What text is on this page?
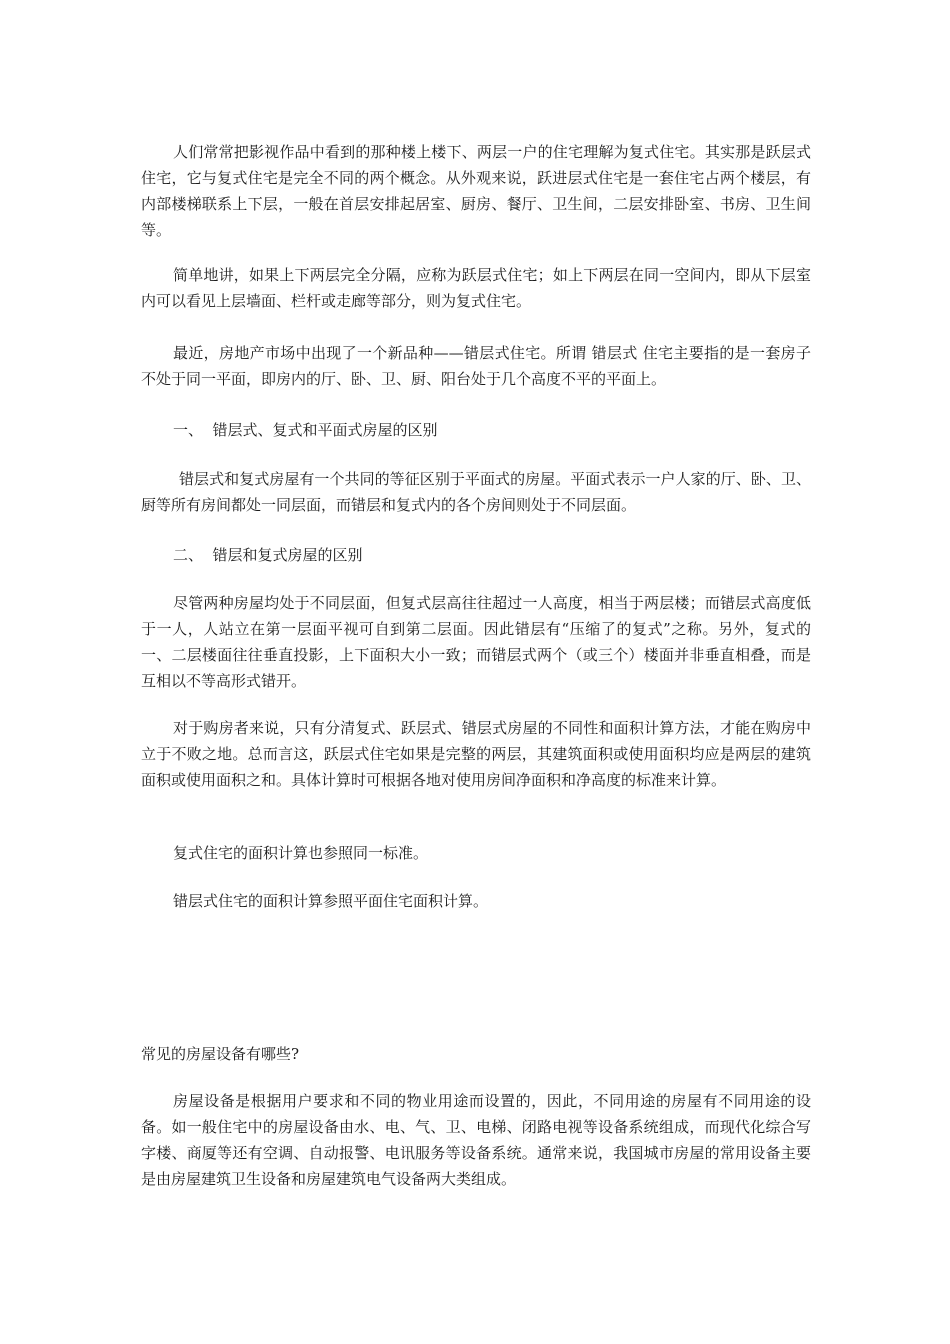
人们常常把影视作品中看到的那种楼上楼下、两层一户的住宅理解为复式住宅。其实那是跃层式住宅，它与复式住宅是完全不同的两个概念。从外观来说，跃进层式住宅是一套住宅占两个楼层，有内部楼梯联系上下层，一般在首层安排起居室、厨房、餐厅、卫生间，二层安排卧室、书房、卫生间等。

简单地讲，如果上下两层完全分隔，应称为跃层式住宅；如上下两层在同一空间内，即从下层室内可以看见上层墙面、栏杆或走廊等部分，则为复式住宅。

最近，房地产市场中出现了一个新品种——错层式住宅。所谓 错层式 住宅主要指的是一套房子不处于同一平面，即房内的厅、卧、卫、厨、阳台处于几个高度不平的平面上。

一、  错层式、复式和平面式房屋的区别

错层式和复式房屋有一个共同的等征区别于平面式的房屋。平面式表示一户人家的厅、卧、卫、厨等所有房间都处一同层面，而错层和复式内的各个房间则处于不同层面。

二、  错层和复式房屋的区别

尽管两种房屋均处于不同层面，但复式层高往往超过一人高度，相当于两层楼；而错层式高度低于一人，人站立在第一层面平视可自到第二层面。因此错层有“压缩了的复式”之称。另外，复式的一、二层楼面往往垂直投影，上下面积大小一致；而错层式两个（或三个）楼面并非垂直相叠，而是互相以不等高形式错开。

对于购房者来说，只有分清复式、跃层式、错层式房屋的不同性和面积计算方法，才能在购房中立于不败之地。总而言这，跃层式住宅如果是完整的两层，其建筑面积或使用面积均应是两层的建筑面积或使用面积之和。具体计算时可根据各地对使用房间净面积和净高度的标准来计算。

复式住宅的面积计算也参照同一标准。

错层式住宅的面积计算参照平面住宅面积计算。

常见的房屋设备有哪些?

房屋设备是根据用户要求和不同的物业用途而设置的，因此，不同用途的房屋有不同用途的设备。如一般住宅中的房屋设备由水、电、气、卫、电梯、闭路电视等设备系统组成，而现代化综合写字楼、商厦等还有空调、自动报警、电讯服务等设备系统。通常来说，我国城市房屋的常用设备主要是由房屋建筑卫生设备和房屋建筑电气设备两大类组成。
